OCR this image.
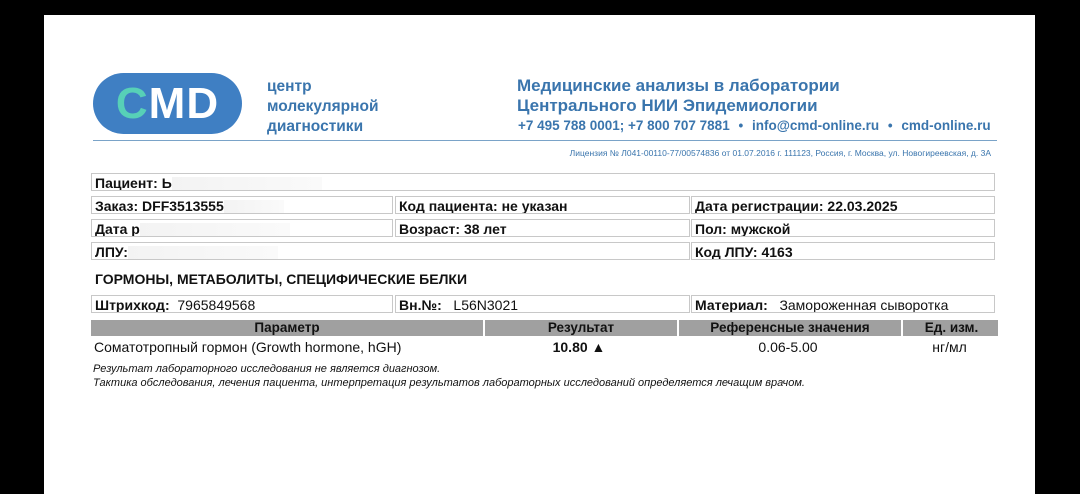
CMD	центр
молекулярной
диагностики
Медицинские анализы в лаборатории
Центрального НИИ Эпидемиологии
+7 495 788 0001; +7 800 707 7881 • info@cmd-online.ru • cmd-online.ru
Лицензия № Л041-00110-77/00574836 от 01.07.2016 г. 111123, Россия, г. Москва, ул. Новогиреевская, д. 3А
Пациент: Ь
Заказ: DFF3513555	Код пациента: не указан	Дата регистрации: 22.03.2025
Дата р	Возраст: 38 лет	Пол: мужской
ЛПУ:	Код ЛПУ: 4163
ГОРМОНЫ, МЕТАБОЛИТЫ, СПЕЦИФИЧЕСКИЕ БЕЛКИ
Штрихкод: 7965849568	Вн.№: L56N3021	Материал: Замороженная сыворотка
Параметр	Результат	Референсные значения	Ед. изм.
Соматотропный гормон (Growth hormone, hGH)	10.80 ▲	0.06-5.00	нг/мл
Результат лабораторного исследования не является диагнозом.
Тактика обследования, лечения пациента, интерпретация результатов лабораторных исследований определяется лечащим врачом.
